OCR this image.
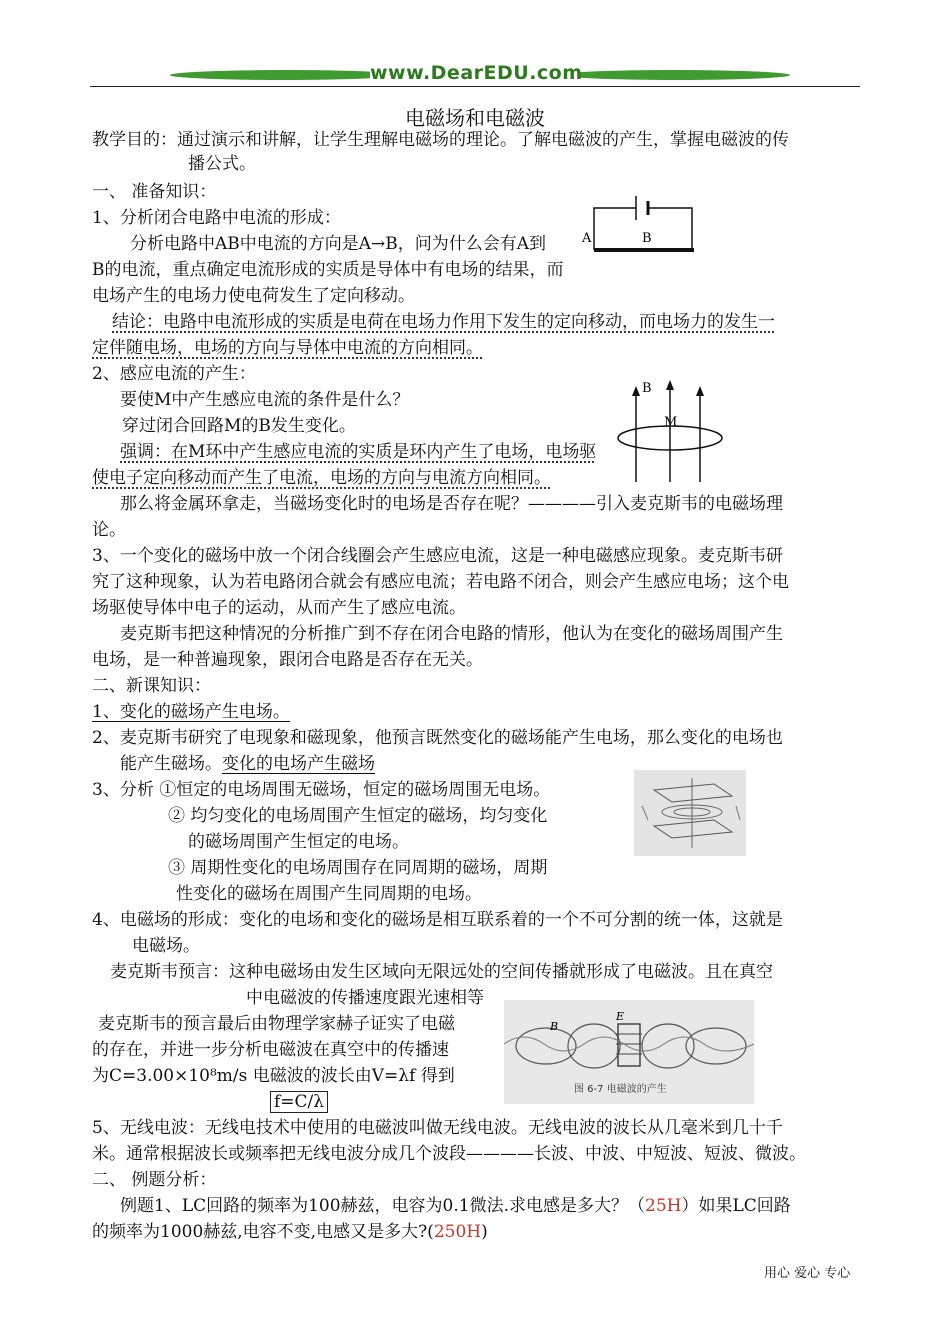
www.DearEDU.com
电磁场和电磁波
教学目的：通过演示和讲解，让学生理解电磁场的理论。了解电磁波的产生，掌握电磁波的传
播公式。
一、 准备知识：
1、分析闭合电路中电流的形成：
分析电路中AB中电流的方向是A→B，问为什么会有A到
B的电流，重点确定电流形成的实质是导体中有电场的结果，而
电场产生的电场力使电荷发生了定向移动。
结论：电路中电流形成的实质是电荷在电场力作用下发生的定向移动，而电场力的发生一
定伴随电场，电场的方向与导体中电流的方向相同。
2、感应电流的产生：
要使M中产生感应电流的条件是什么？
穿过闭合回路M的B发生变化。
强调：在M环中产生感应电流的实质是环内产生了电场，电场驱
使电子定向移动而产生了电流，电场的方向与电流方向相同。
那么将金属环拿走，当磁场变化时的电场是否存在呢？————引入麦克斯韦的电磁场理
论。
3、一个变化的磁场中放一个闭合线圈会产生感应电流，这是一种电磁感应现象。麦克斯韦研
究了这种现象，认为若电路闭合就会有感应电流；若电路不闭合，则会产生感应电场；这个电
场驱使导体中电子的运动，从而产生了感应电流。
麦克斯韦把这种情况的分析推广到不存在闭合电路的情形，他认为在变化的磁场周围产生
电场，是一种普遍现象，跟闭合电路是否存在无关。
二、新课知识：
1、变化的磁场产生电场。
2、麦克斯韦研究了电现象和磁现象，他预言既然变化的磁场能产生电场，那么变化的电场也
能产生磁场。变化的电场产生磁场
3、分析 ①恒定的电场周围无磁场，恒定的磁场周围无电场。
② 均匀变化的电场周围产生恒定的磁场，均匀变化
的磁场周围产生恒定的电场。
③ 周期性变化的电场周围存在同周期的磁场，周期
性变化的磁场在周围产生同周期的电场。
4、电磁场的形成：变化的电场和变化的磁场是相互联系着的一个不可分割的统一体，这就是
电磁场。
麦克斯韦预言：这种电磁场由发生区域向无限远处的空间传播就形成了电磁波。且在真空
中电磁波的传播速度跟光速相等
麦克斯韦的预言最后由物理学家赫子证实了电磁
的存在，并进一步分析电磁波在真空中的传播速
为C=3.00×10⁸m/s 电磁波的波长由V=λf 得到
f=C/λ
5、无线电波：无线电技术中使用的电磁波叫做无线电波。无线电波的波长从几毫米到几十千
米。通常根据波长或频率把无线电波分成几个波段————长波、中波、中短波、短波、微波。
二、 例题分析：
例题1、LC回路的频率为100赫兹，电容为0.1微法.求电感是多大？（25H）如果LC回路
的频率为1000赫兹,电容不变,电感又是多大?(250H)
A	B
B
M
B
E
图 6-7 电磁波的产生
用心 爱心 专心
